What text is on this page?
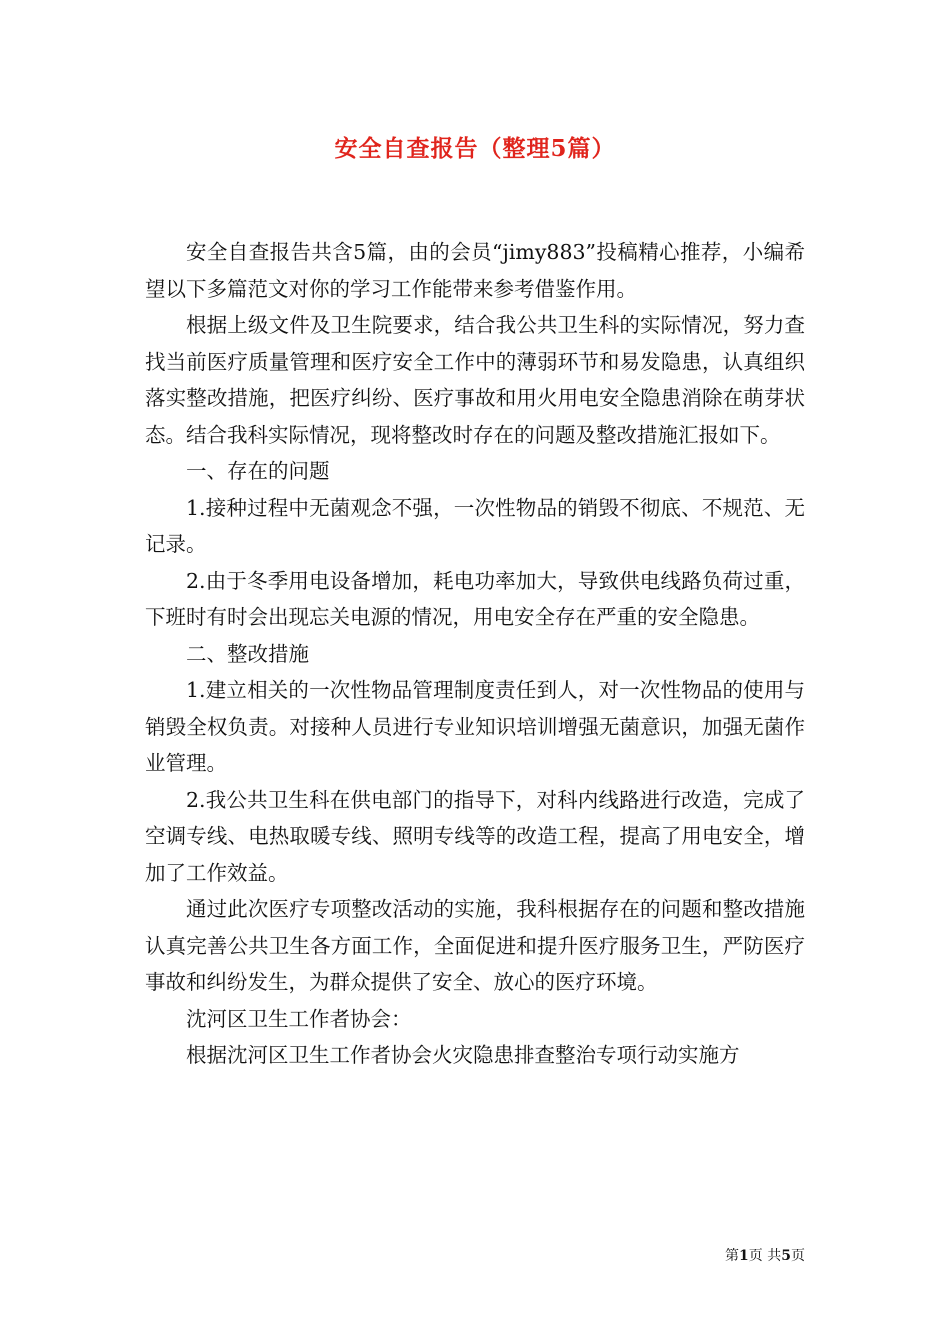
安全自查报告（整理5篇）

安全自查报告共含5篇，由的会员“jimy883”投稿精心推荐，小编希望以下多篇范文对你的学习工作能带来参考借鉴作用。

根据上级文件及卫生院要求，结合我公共卫生科的实际情况，努力查找当前医疗质量管理和医疗安全工作中的薄弱环节和易发隐患，认真组织落实整改措施，把医疗纠纷、医疗事故和用火用电安全隐患消除在萌芽状态。结合我科实际情况，现将整改时存在的问题及整改措施汇报如下。

一、存在的问题

1.接种过程中无菌观念不强，一次性物品的销毁不彻底、不规范、无记录。

2.由于冬季用电设备增加，耗电功率加大，导致供电线路负荷过重，下班时有时会出现忘关电源的情况，用电安全存在严重的安全隐患。

二、整改措施

1.建立相关的一次性物品管理制度责任到人，对一次性物品的使用与销毁全权负责。对接种人员进行专业知识培训增强无菌意识，加强无菌作业管理。

2.我公共卫生科在供电部门的指导下，对科内线路进行改造，完成了空调专线、电热取暖专线、照明专线等的改造工程，提高了用电安全，增加了工作效益。

通过此次医疗专项整改活动的实施，我科根据存在的问题和整改措施认真完善公共卫生各方面工作，全面促进和提升医疗服务卫生，严防医疗事故和纠纷发生，为群众提供了安全、放心的医疗环境。

沈河区卫生工作者协会：

根据沈河区卫生工作者协会火灾隐患排查整治专项行动实施方

第1页 共5页
